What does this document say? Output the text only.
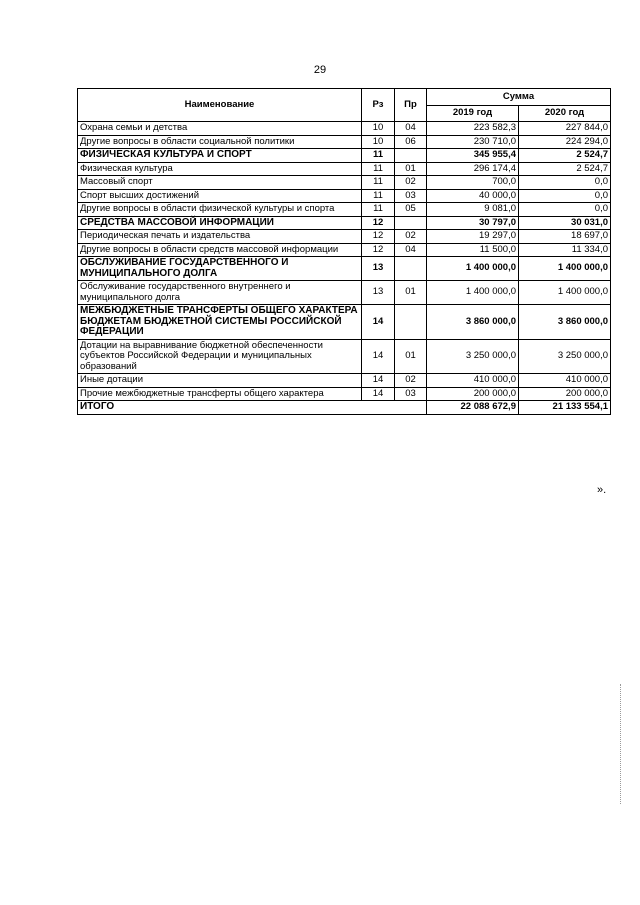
29
Наименование	Рз	Пр	Сумма	
			2019 год	2020 год
Охрана семьи и детства	10	04	223 582,3	227 844,0
Другие вопросы в области социальной политики	10	06	230 710,0	224 294,0
ФИЗИЧЕСКАЯ КУЛЬТУРА И СПОРТ	11		345 955,4	2 524,7
Физическая культура	11	01	296 174,4	2 524,7
Массовый спорт	11	02	700,0	0,0
Спорт высших достижений	11	03	40 000,0	0,0
Другие вопросы в области физической культуры и спорта	11	05	9 081,0	0,0
СРЕДСТВА МАССОВОЙ ИНФОРМАЦИИ	12		30 797,0	30 031,0
Периодическая печать и издательства	12	02	19 297,0	18 697,0
Другие вопросы в области средств массовой информации	12	04	11 500,0	11 334,0
ОБСЛУЖИВАНИЕ ГОСУДАРСТВЕННОГО И МУНИЦИПАЛЬНОГО ДОЛГА	13		1 400 000,0	1 400 000,0
Обслуживание государственного внутреннего и муниципального долга	13	01	1 400 000,0	1 400 000,0
МЕЖБЮДЖЕТНЫЕ ТРАНСФЕРТЫ ОБЩЕГО ХАРАКТЕРА БЮДЖЕТАМ БЮДЖЕТНОЙ СИСТЕМЫ РОССИЙСКОЙ ФЕДЕРАЦИИ	14		3 860 000,0	3 860 000,0
Дотации на выравнивание бюджетной обеспеченности субъектов Российской Федерации и муниципальных образований	14	01	3 250 000,0	3 250 000,0
Иные дотации	14	02	410 000,0	410 000,0
Прочие межбюджетные трансферты общего характера	14	03	200 000,0	200 000,0
ИТОГО			22 088 672,9	21 133 554,1
».
